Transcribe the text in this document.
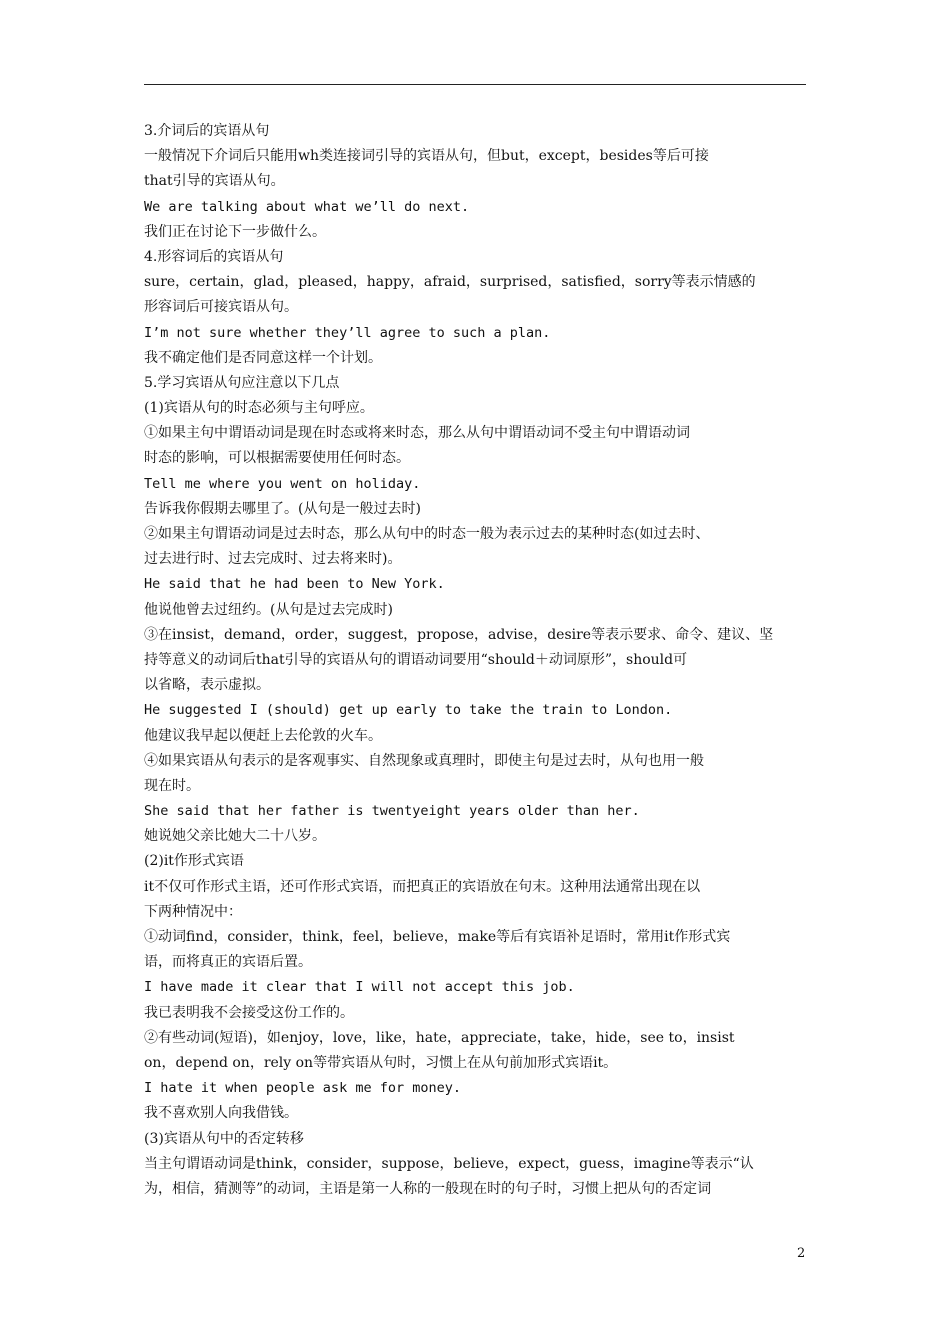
3.介词后的宾语从句
一般情况下介词后只能用wh类连接词引导的宾语从句，但but，except，besides等后可接
that引导的宾语从句。
We are talking about what we’ll do next.
我们正在讨论下一步做什么。
4.形容词后的宾语从句
sure，certain，glad，pleased，happy，afraid，surprised，satisfied，sorry等表示情感的
形容词后可接宾语从句。
I’m not sure whether they’ll agree to such a plan.
我不确定他们是否同意这样一个计划。
5.学习宾语从句应注意以下几点
(1)宾语从句的时态必须与主句呼应。
①如果主句中谓语动词是现在时态或将来时态，那么从句中谓语动词不受主句中谓语动词
时态的影响，可以根据需要使用任何时态。
Tell me where you went on holiday.
告诉我你假期去哪里了。(从句是一般过去时)
②如果主句谓语动词是过去时态，那么从句中的时态一般为表示过去的某种时态(如过去时、
过去进行时、过去完成时、过去将来时)。
He said that he had been to New York.
他说他曾去过纽约。(从句是过去完成时)
③在insist，demand，order，suggest，propose，advise，desire等表示要求、命令、建议、坚
持等意义的动词后that引导的宾语从句的谓语动词要用“should＋动词原形”，should可
以省略，表示虚拟。
He suggested I (should) get up early to take the train to London.
他建议我早起以便赶上去伦敦的火车。
④如果宾语从句表示的是客观事实、自然现象或真理时，即使主句是过去时，从句也用一般
现在时。
She said that her father is twentyeight years older than her.
她说她父亲比她大二十八岁。
(2)it作形式宾语
it不仅可作形式主语，还可作形式宾语，而把真正的宾语放在句末。这种用法通常出现在以
下两种情况中：
①动词find，consider，think，feel，believe，make等后有宾语补足语时，常用it作形式宾
语，而将真正的宾语后置。
I have made it clear that I will not accept this job.
我已表明我不会接受这份工作的。
②有些动词(短语)，如enjoy，love，like，hate，appreciate，take，hide，see to，insist
on，depend on，rely on等带宾语从句时，习惯上在从句前加形式宾语it。
I hate it when people ask me for money.
我不喜欢别人向我借钱。
(3)宾语从句中的否定转移
当主句谓语动词是think，consider，suppose，believe，expect，guess，imagine等表示“认
为，相信，猜测等”的动词，主语是第一人称的一般现在时的句子时，习惯上把从句的否定词
2
